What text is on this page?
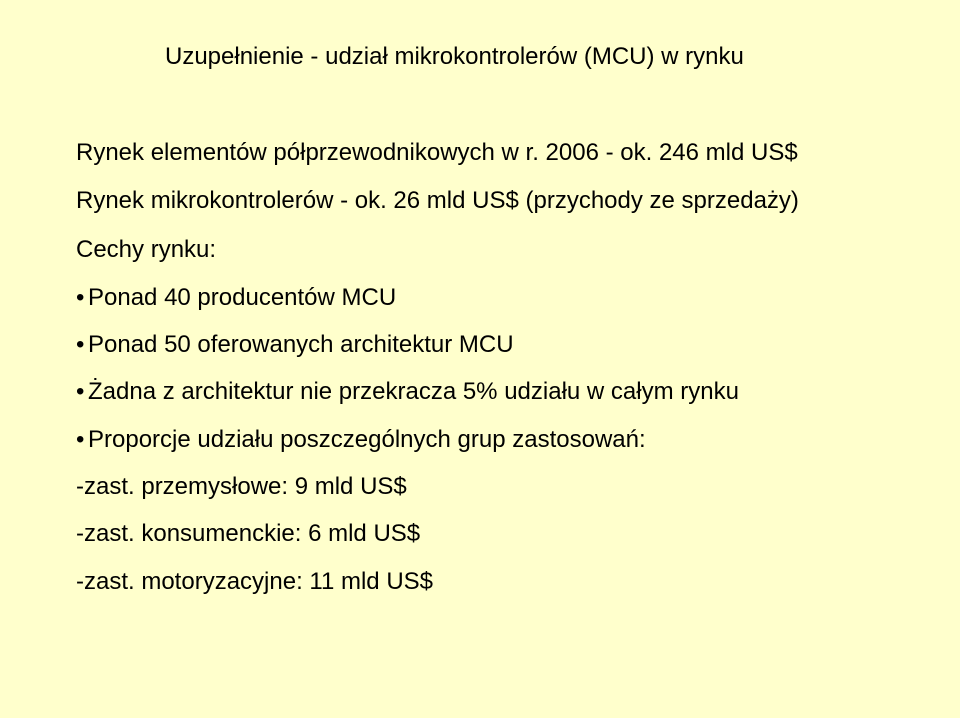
Uzupełnienie - udział mikrokontrolerów (MCU) w rynku
Rynek elementów półprzewodnikowych w r. 2006 - ok. 246 mld US$
Rynek mikrokontrolerów - ok. 26 mld US$ (przychody ze sprzedaży)
Cechy rynku:
• Ponad 40 producentów MCU
• Ponad 50 oferowanych architektur MCU
• Żadna z architektur nie przekracza 5% udziału w całym rynku
• Proporcje udziału poszczególnych grup zastosowań:
-zast. przemysłowe: 9 mld US$
-zast. konsumenckie: 6 mld US$
-zast. motoryzacyjne: 11 mld US$
